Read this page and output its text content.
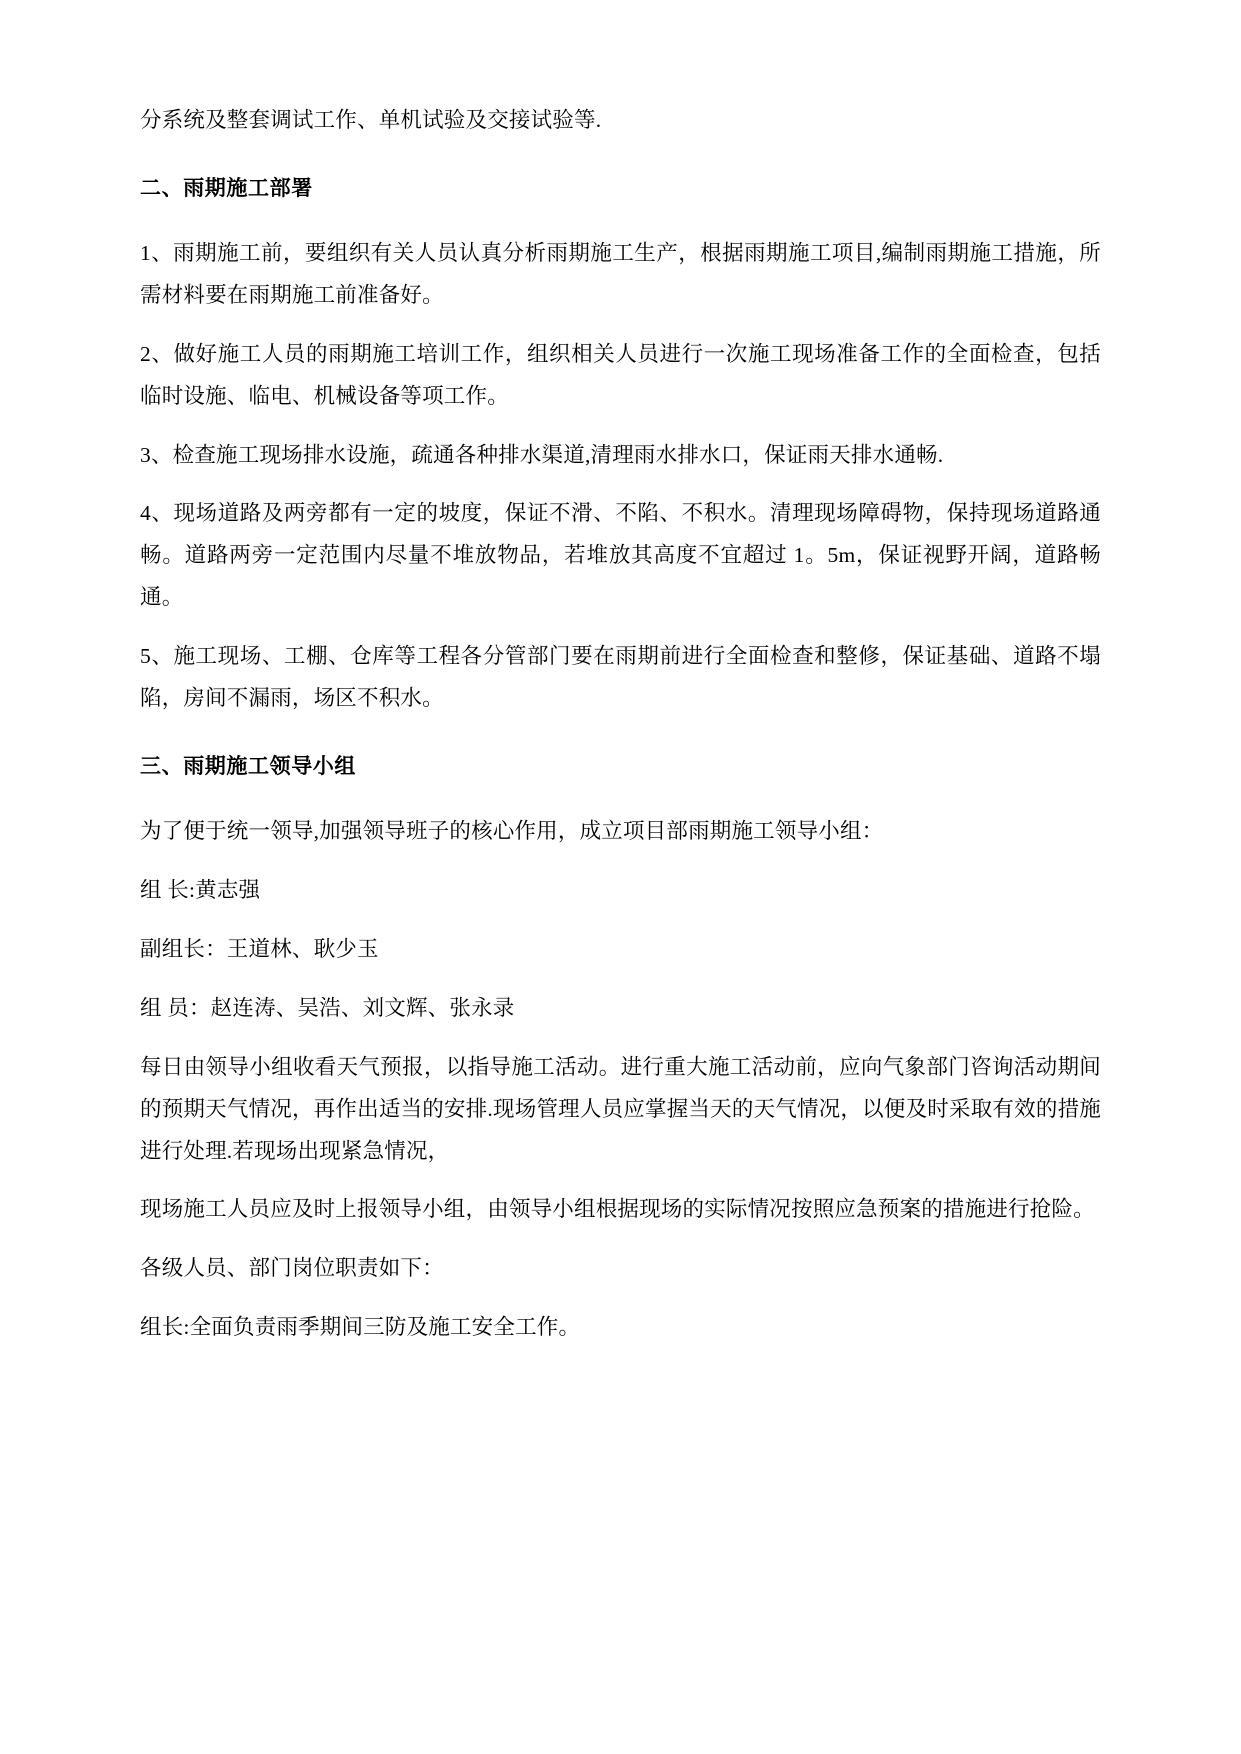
分系统及整套调试工作、单机试验及交接试验等.

二、雨期施工部署

1、雨期施工前，要组织有关人员认真分析雨期施工生产，根据雨期施工项目,编制雨期施工措施，所需材料要在雨期施工前准备好。

2、做好施工人员的雨期施工培训工作，组织相关人员进行一次施工现场准备工作的全面检查，包括临时设施、临电、机械设备等项工作。

3、检查施工现场排水设施，疏通各种排水渠道,清理雨水排水口，保证雨天排水通畅.

4、现场道路及两旁都有一定的坡度，保证不滑、不陷、不积水。清理现场障碍物，保持现场道路通畅。道路两旁一定范围内尽量不堆放物品，若堆放其高度不宜超过 1。5m，保证视野开阔，道路畅通。

5、施工现场、工棚、仓库等工程各分管部门要在雨期前进行全面检查和整修，保证基础、道路不塌陷，房间不漏雨，场区不积水。

三、雨期施工领导小组

为了便于统一领导,加强领导班子的核心作用，成立项目部雨期施工领导小组：

组 长:黄志强

副组长：王道林、耿少玉

组 员：赵连涛、吴浩、刘文辉、张永录

每日由领导小组收看天气预报，以指导施工活动。进行重大施工活动前，应向气象部门咨询活动期间的预期天气情况，再作出适当的安排.现场管理人员应掌握当天的天气情况，以便及时采取有效的措施进行处理.若现场出现紧急情况，

现场施工人员应及时上报领导小组，由领导小组根据现场的实际情况按照应急预案的措施进行抢险。

各级人员、部门岗位职责如下：

组长:全面负责雨季期间三防及施工安全工作。
